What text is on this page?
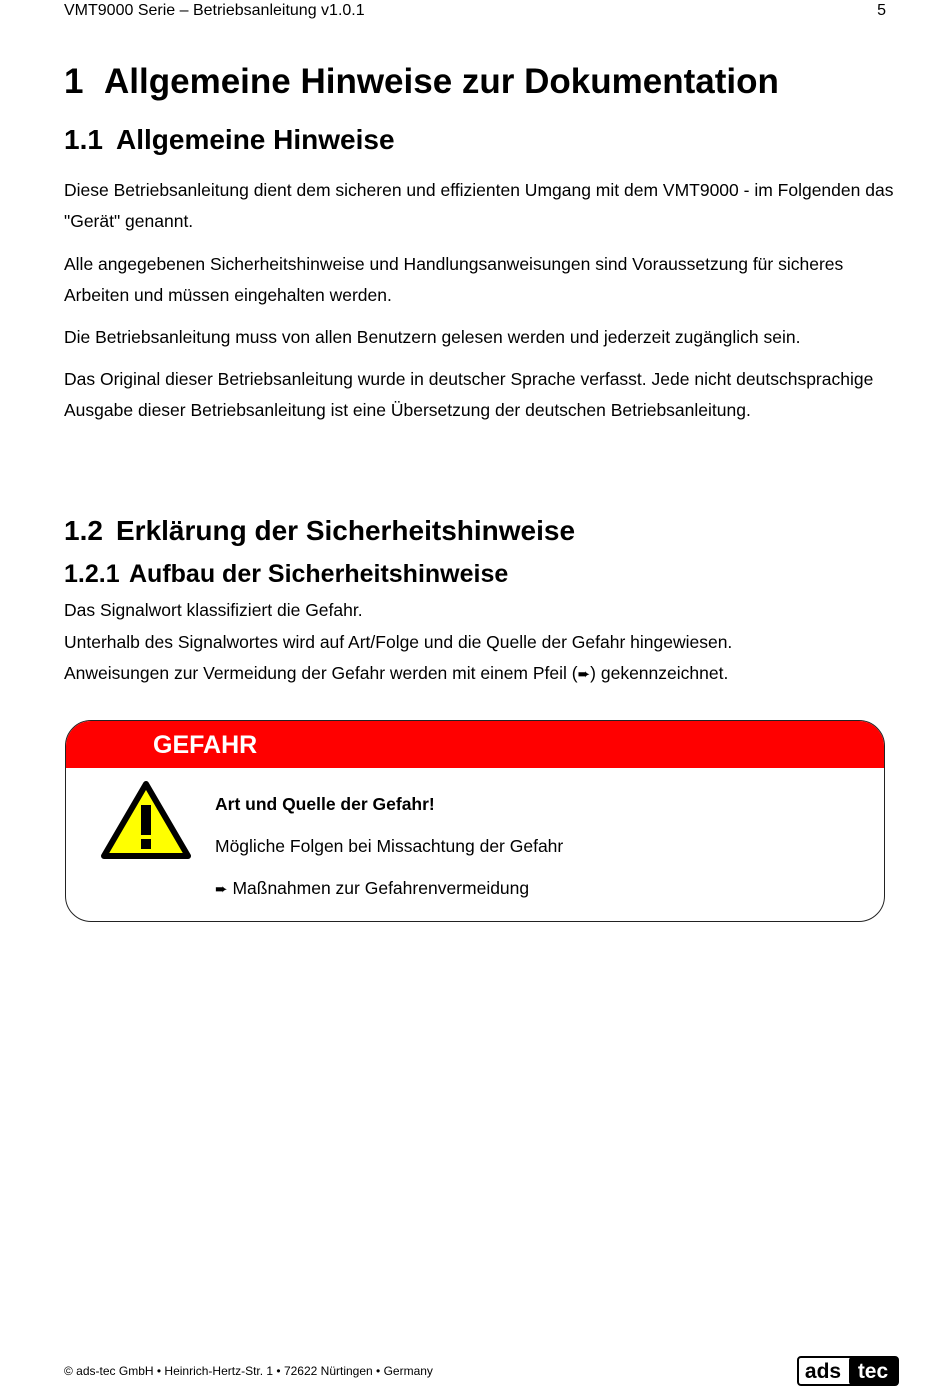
VMT9000 Serie – Betriebsanleitung v1.0.1	5
1 Allgemeine Hinweise zur Dokumentation
1.1 Allgemeine Hinweise

Diese Betriebsanleitung dient dem sicheren und effizienten Umgang mit dem VMT9000 - im Folgenden das "Gerät" genannt.

Alle angegebenen Sicherheitshinweise und Handlungsanweisungen sind Voraussetzung für sicheres Arbeiten und müssen eingehalten werden.

Die Betriebsanleitung muss von allen Benutzern gelesen werden und jederzeit zugänglich sein.

Das Original dieser Betriebsanleitung wurde in deutscher Sprache verfasst. Jede nicht deutschsprachige Ausgabe dieser Betriebsanleitung ist eine Übersetzung der deutschen Betriebsanleitung.

1.2 Erklärung der Sicherheitshinweise
1.2.1 Aufbau der Sicherheitshinweise

Das Signalwort klassifiziert die Gefahr.

Unterhalb des Signalwortes wird auf Art/Folge und die Quelle der Gefahr hingewiesen.

Anweisungen zur Vermeidung der Gefahr werden mit einem Pfeil (➨) gekennzeichnet.

GEFAHR
Art und Quelle der Gefahr!
Mögliche Folgen bei Missachtung der Gefahr
➨ Maßnahmen zur Gefahrenvermeidung
© ads-tec GmbH • Heinrich-Hertz-Str. 1 • 72622 Nürtingen • Germany	ads tec
